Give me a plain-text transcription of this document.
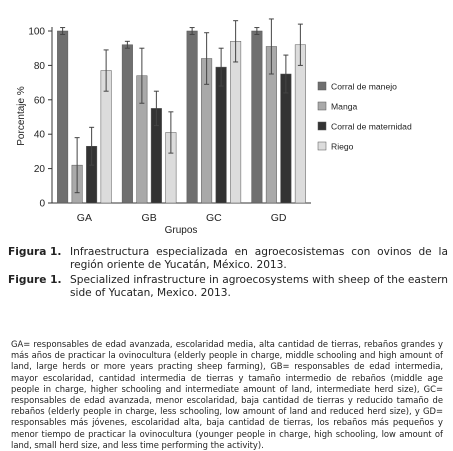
0
20
40
60
80
100
GA	GB	GC	GD
Porcentaje %
Grupos
Corral de manejo
Manga
Corral de maternidad
Riego
Figura 1. Infraestructura especializada en agroecosistemas con ovinos de la región oriente de Yucatán, México. 2013.
Figure 1. Specialized infrastructure in agroecosystems with sheep of the eastern side of Yucatan, Mexico. 2013.
GA= responsables de edad avanzada, escolaridad media, alta cantidad de tierras, rebaños grandes y más años de practicar la ovinocultura (elderly people in charge, middle schooling and high amount of land, large herds or more years practing sheep farming), GB= responsables de edad intermedia, mayor escolaridad, cantidad intermedia de tierras y tamaño intermedio de rebaños (middle age people in charge, higher schooling and intermediate amount of land, intermediate herd size), GC= responsables de edad avanzada, menor escolaridad, baja cantidad de tierras y reducido tamaño de rebaños (elderly people in charge, less schooling, low amount of land and reduced herd size), y GD= responsables más jóvenes, escolaridad alta, baja cantidad de tierras, los rebaños más pequeños y menor tiempo de practicar la ovinocultura (younger people in charge, high schooling, low amount of land, small herd size, and less time performing the activity).
